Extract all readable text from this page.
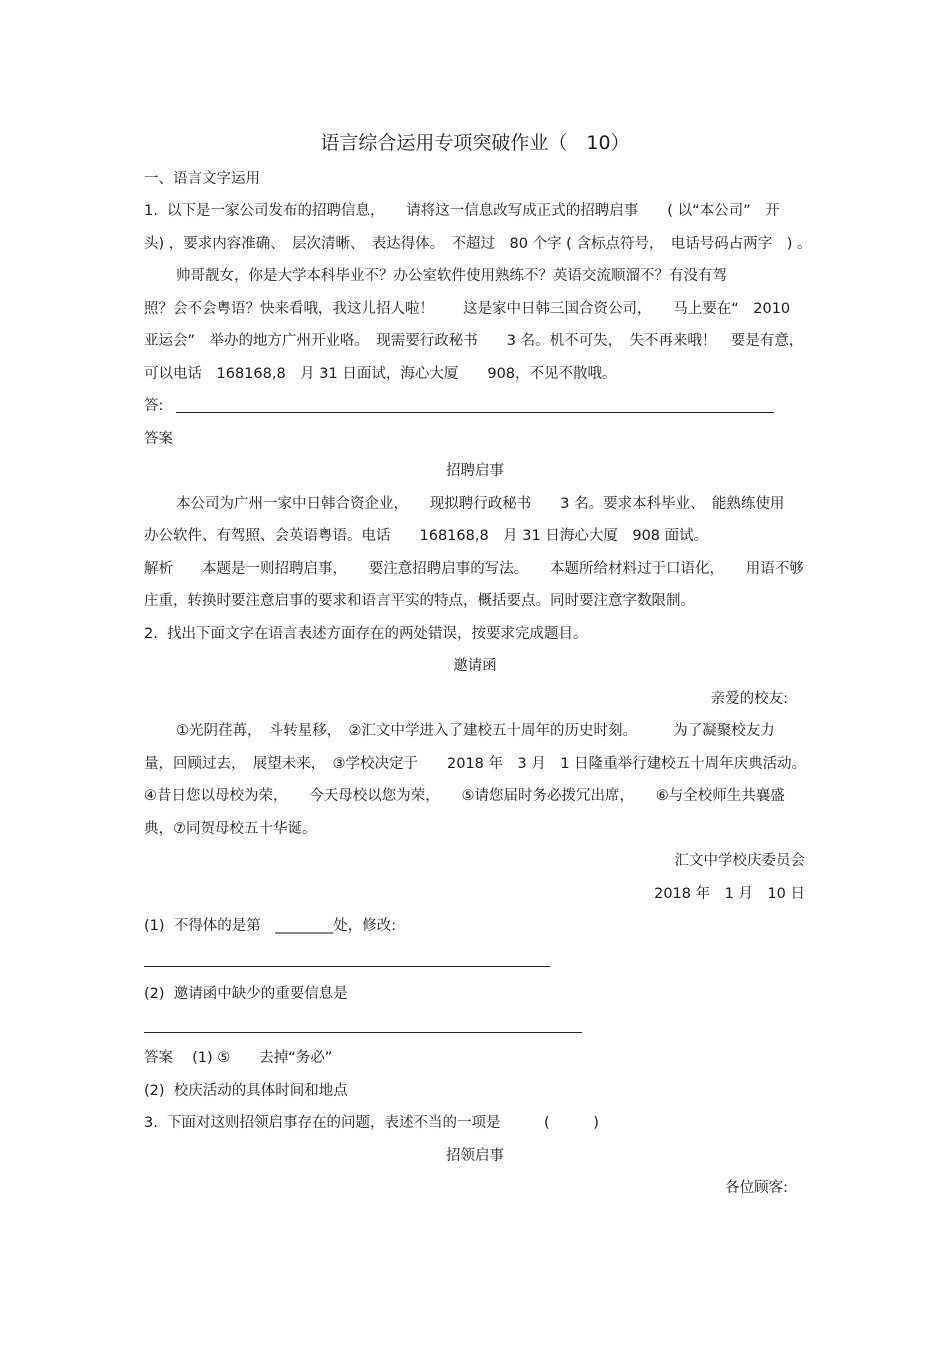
语言综合运用专项突破作业（　10）
一、语言文字运用
1.  以下是一家公司发布的招聘信息，　　请将这一信息改写成正式的招聘启事　　( 以“本公司”　开
头) ，要求内容准确、　层次清晰、　表达得体。　不超过　80 个字 ( 含标点符号，　电话号码占两字　) 。
帅哥靓女，你是大学本科毕业不？办公室软件使用熟练不？英语交流顺溜不？有没有驾
照？会不会粤语？快来看哦，我这儿招人啦！　　这是家中日韩三国合资公司，　　马上要在“　2010
亚运会”　举办的地方广州开业咯。　现需要行政秘书　　3 名。机不可失，　失不再来哦！　要是有意，
可以电话　168168,8　月 31 日面试，海心大厦　　908，不见不散哦。
答:
答案
招聘启事
本公司为广州一家中日韩合资企业，　　现拟聘行政秘书　　3 名。要求本科毕业、　能熟练使用
办公软件、有驾照、会英语粤语。电话　　168168,8　月 31 日海心大厦　908 面试。
解析　　本题是一则招聘启事，　　要注意招聘启事的写法。　　本题所给材料过于口语化，　　用语不够
庄重，转换时要注意启事的要求和语言平实的特点，概括要点。同时要注意字数限制。
2.  找出下面文字在语言表述方面存在的两处错误，按要求完成题目。
邀请函
亲爱的校友:
①光阴荏苒，　斗转星移，　②汇文中学进入了建校五十周年的历史时刻。　　　为了凝聚校友力
量，回顾过去，　展望未来，　③学校决定于　　2018 年　3 月　1 日隆重举行建校五十周年庆典活动。
④昔日您以母校为荣，　　今天母校以您为荣，　　⑤请您届时务必拨冗出席，　　⑥与全校师生共襄盛
典，⑦同贺母校五十华诞。
汇文中学校庆委员会
2018 年　1 月　10 日
(1)  不得体的是第　________处，修改:
(2)  邀请函中缺少的重要信息是
答案　 (1) ⑤　　去掉“务必”
(2)  校庆活动的具体时间和地点
3.  下面对这则招领启事存在的问题，表述不当的一项是　　　(　　　)
招领启事
各位顾客:
